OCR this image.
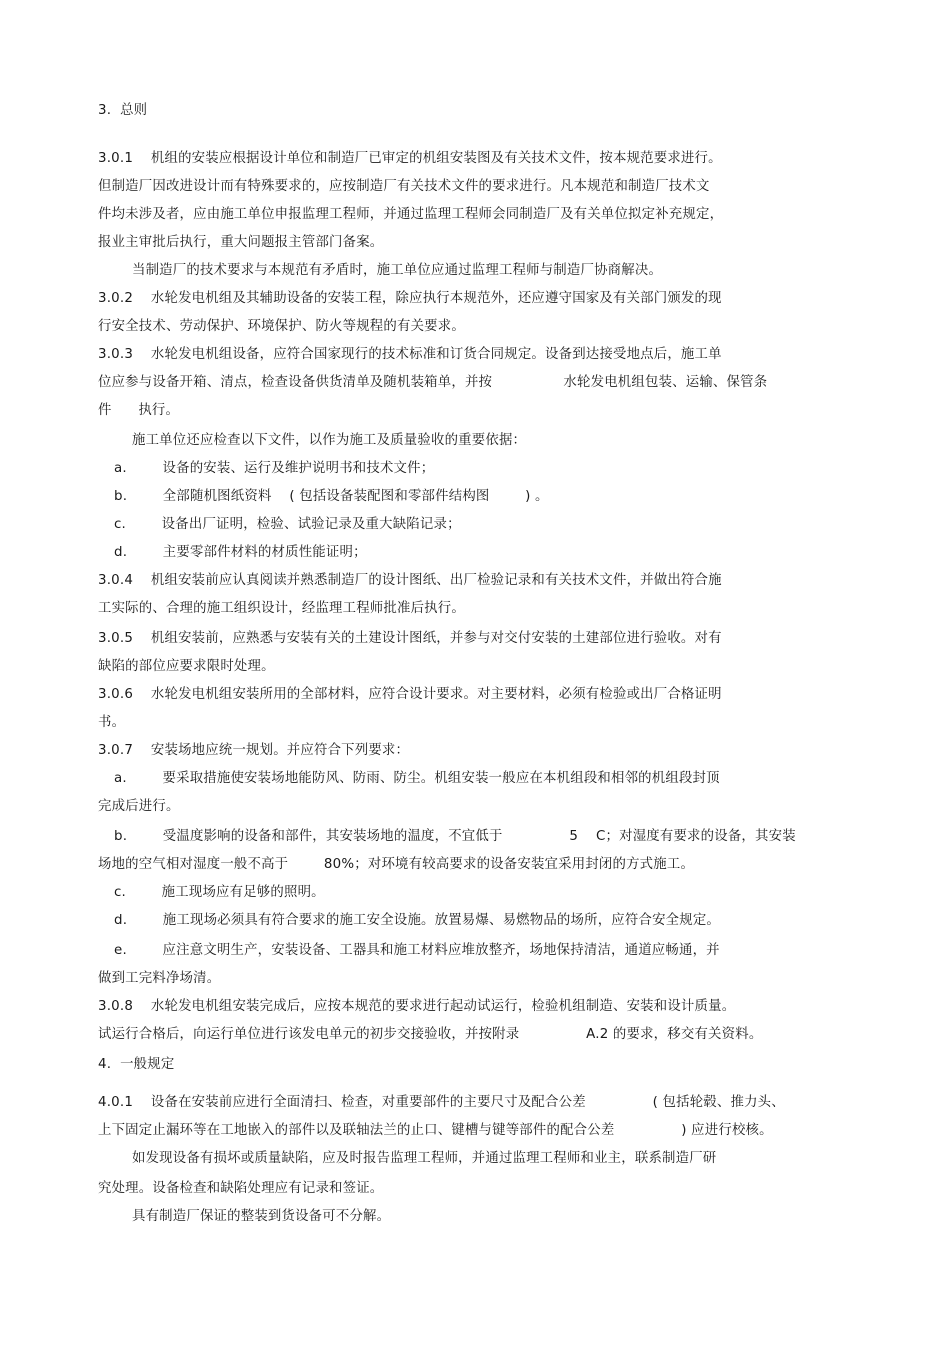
3.  总则
3.0.1    机组的安装应根据设计单位和制造厂已审定的机组安装图及有关技术文件，按本规范要求进行。
但制造厂因改进设计而有特殊要求的，应按制造厂有关技术文件的要求进行。凡本规范和制造厂技术文
件均未涉及者，应由施工单位申报监理工程师，并通过监理工程师会同制造厂及有关单位拟定补充规定，
报业主审批后执行，重大问题报主管部门备案。
当制造厂的技术要求与本规范有矛盾时，施工单位应通过监理工程师与制造厂协商解决。
3.0.2    水轮发电机组及其辅助设备的安装工程，除应执行本规范外，还应遵守国家及有关部门颁发的现
行安全技术、劳动保护、环境保护、防火等规程的有关要求。
3.0.3    水轮发电机组设备，应符合国家现行的技术标准和订货合同规定。设备到达接受地点后，施工单
位应参与设备开箱、清点，检查设备供货清单及随机装箱单，并按                水轮发电机组包装、运输、保管条
件      执行。
施工单位还应检查以下文件，以作为施工及质量验收的重要依据：
a.        设备的安装、运行及维护说明书和技术文件；
b.        全部随机图纸资料    ( 包括设备装配图和零部件结构图        ) 。
c.        设备出厂证明，检验、试验记录及重大缺陷记录；
d.        主要零部件材料的材质性能证明；
3.0.4    机组安装前应认真阅读并熟悉制造厂的设计图纸、出厂检验记录和有关技术文件，并做出符合施
工实际的、合理的施工组织设计，经监理工程师批准后执行。
3.0.5    机组安装前，应熟悉与安装有关的土建设计图纸，并参与对交付安装的土建部位进行验收。对有
缺陷的部位应要求限时处理。
3.0.6    水轮发电机组安装所用的全部材料，应符合设计要求。对主要材料，必须有检验或出厂合格证明
书。
3.0.7    安装场地应统一规划。并应符合下列要求：
a.        要采取措施使安装场地能防风、防雨、防尘。机组安装一般应在本机组段和相邻的机组段封顶
完成后进行。
b.        受温度影响的设备和部件，其安装场地的温度，不宜低于               5    C；对湿度有要求的设备，其安装
场地的空气相对湿度一般不高于        80%；对环境有较高要求的设备安装宜采用封闭的方式施工。
c.        施工现场应有足够的照明。
d.        施工现场必须具有符合要求的施工安全设施。放置易爆、易燃物品的场所，应符合安全规定。
e.        应注意文明生产，安装设备、工器具和施工材料应堆放整齐，场地保持清洁，通道应畅通，并
做到工完料净场清。
3.0.8    水轮发电机组安装完成后，应按本规范的要求进行起动试运行，检验机组制造、安装和设计质量。
试运行合格后，向运行单位进行该发电单元的初步交接验收，并按附录               A.2 的要求，移交有关资料。
4.  一般规定
4.0.1    设备在安装前应进行全面清扫、检查，对重要部件的主要尺寸及配合公差               ( 包括轮毂、推力头、
上下固定止漏环等在工地嵌入的部件以及联轴法兰的止口、键槽与键等部件的配合公差               ) 应进行校核。
如发现设备有损坏或质量缺陷，应及时报告监理工程师，并通过监理工程师和业主，联系制造厂研
究处理。设备检查和缺陷处理应有记录和签证。
具有制造厂保证的整装到货设备可不分解。
